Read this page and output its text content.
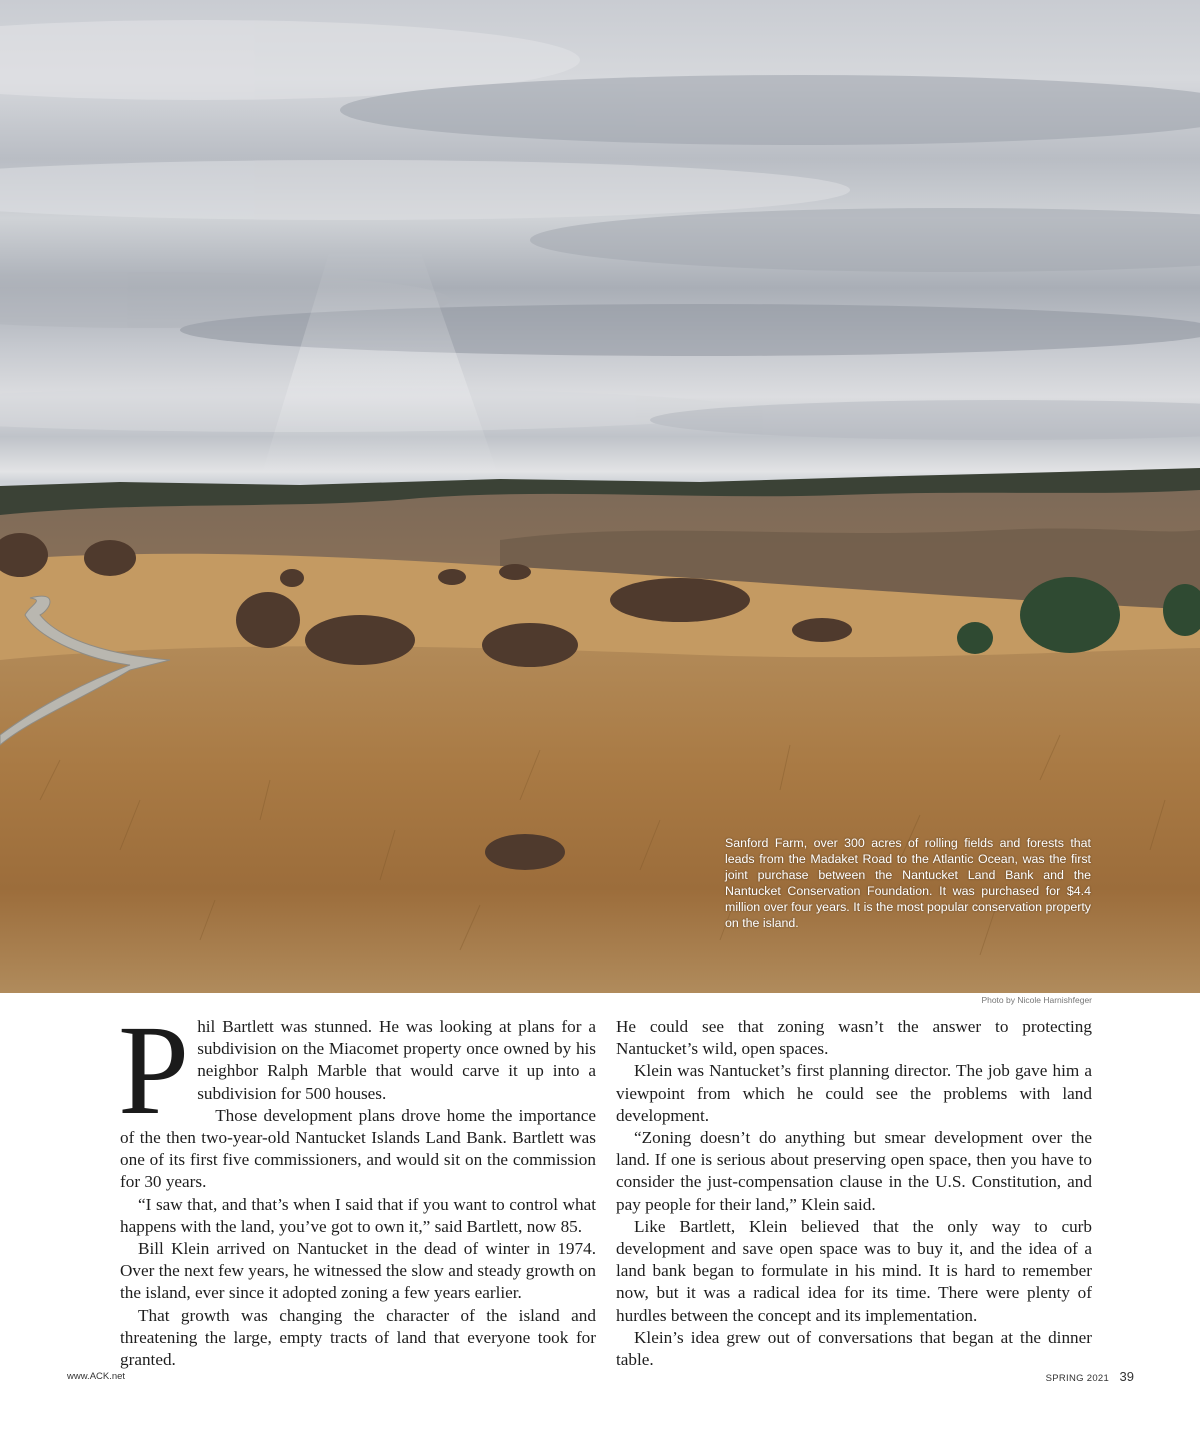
Sanford Farm, over 300 acres of rolling fields and forests that leads from the Madaket Road to the Atlantic Ocean, was the first joint purchase between the Nantucket Land Bank and the Nantucket Conservation Foundation. It was purchased for $4.4 million over four years. It is the most popular conservation property on the island.

Photo by Nicole Harnishfeger

Phil Bartlett was stunned. He was looking at plans for a subdivision on the Miacomet property once owned by his neighbor Ralph Marble that would carve it up into a subdivision for 500 houses.

Those development plans drove home the importance of the then two-year-old Nantucket Islands Land Bank. Bartlett was one of its first five commissioners, and would sit on the commission for 30 years.

“I saw that, and that’s when I said that if you want to control what happens with the land, you’ve got to own it,” said Bartlett, now 85.

Bill Klein arrived on Nantucket in the dead of winter in 1974. Over the next few years, he witnessed the slow and steady growth on the island, ever since it adopted zoning a few years earlier.

That growth was changing the character of the island and threatening the large, empty tracts of land that everyone took for granted.

He could see that zoning wasn’t the answer to protecting Nantucket’s wild, open spaces.

Klein was Nantucket’s first planning director. The job gave him a viewpoint from which he could see the problems with land development.

“Zoning doesn’t do anything but smear development over the land. If one is serious about preserving open space, then you have to consider the just-compensation clause in the U.S. Constitution, and pay people for their land,” Klein said.

Like Bartlett, Klein believed that the only way to curb development and save open space was to buy it, and the idea of a land bank began to formulate in his mind. It is hard to remember now, but it was a radical idea for its time. There were plenty of hurdles between the concept and its implementation.

Klein’s idea grew out of conversations that began at the dinner table.

www.ACK.net	SPRING 2021 39
